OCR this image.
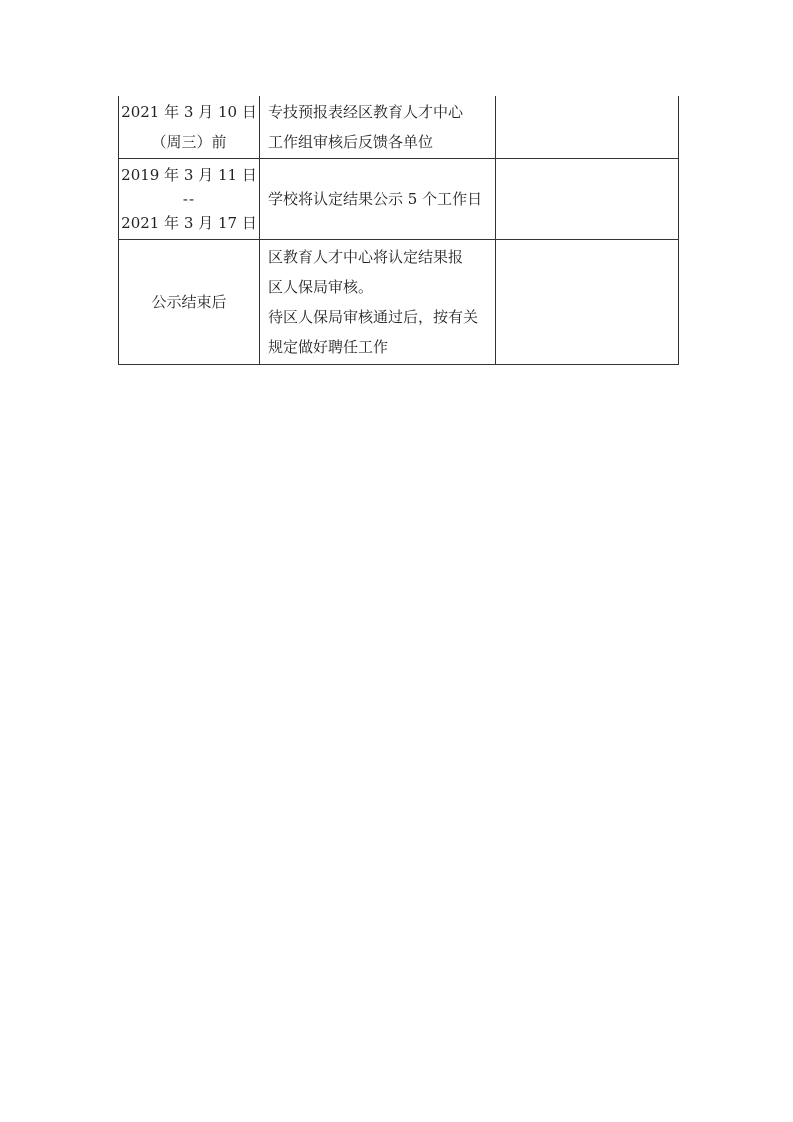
2021 年 3 月 10 日
（周三）前	专技预报表经区教育人才中心
工作组审核后反馈各单位	

2019 年 3 月 11 日
--
2021 年 3 月 17 日	学校将认定结果公示 5 个工作日	

公示结束后	区教育人才中心将认定结果报
区人保局审核。
待区人保局审核通过后，按有关
规定做好聘任工作	
